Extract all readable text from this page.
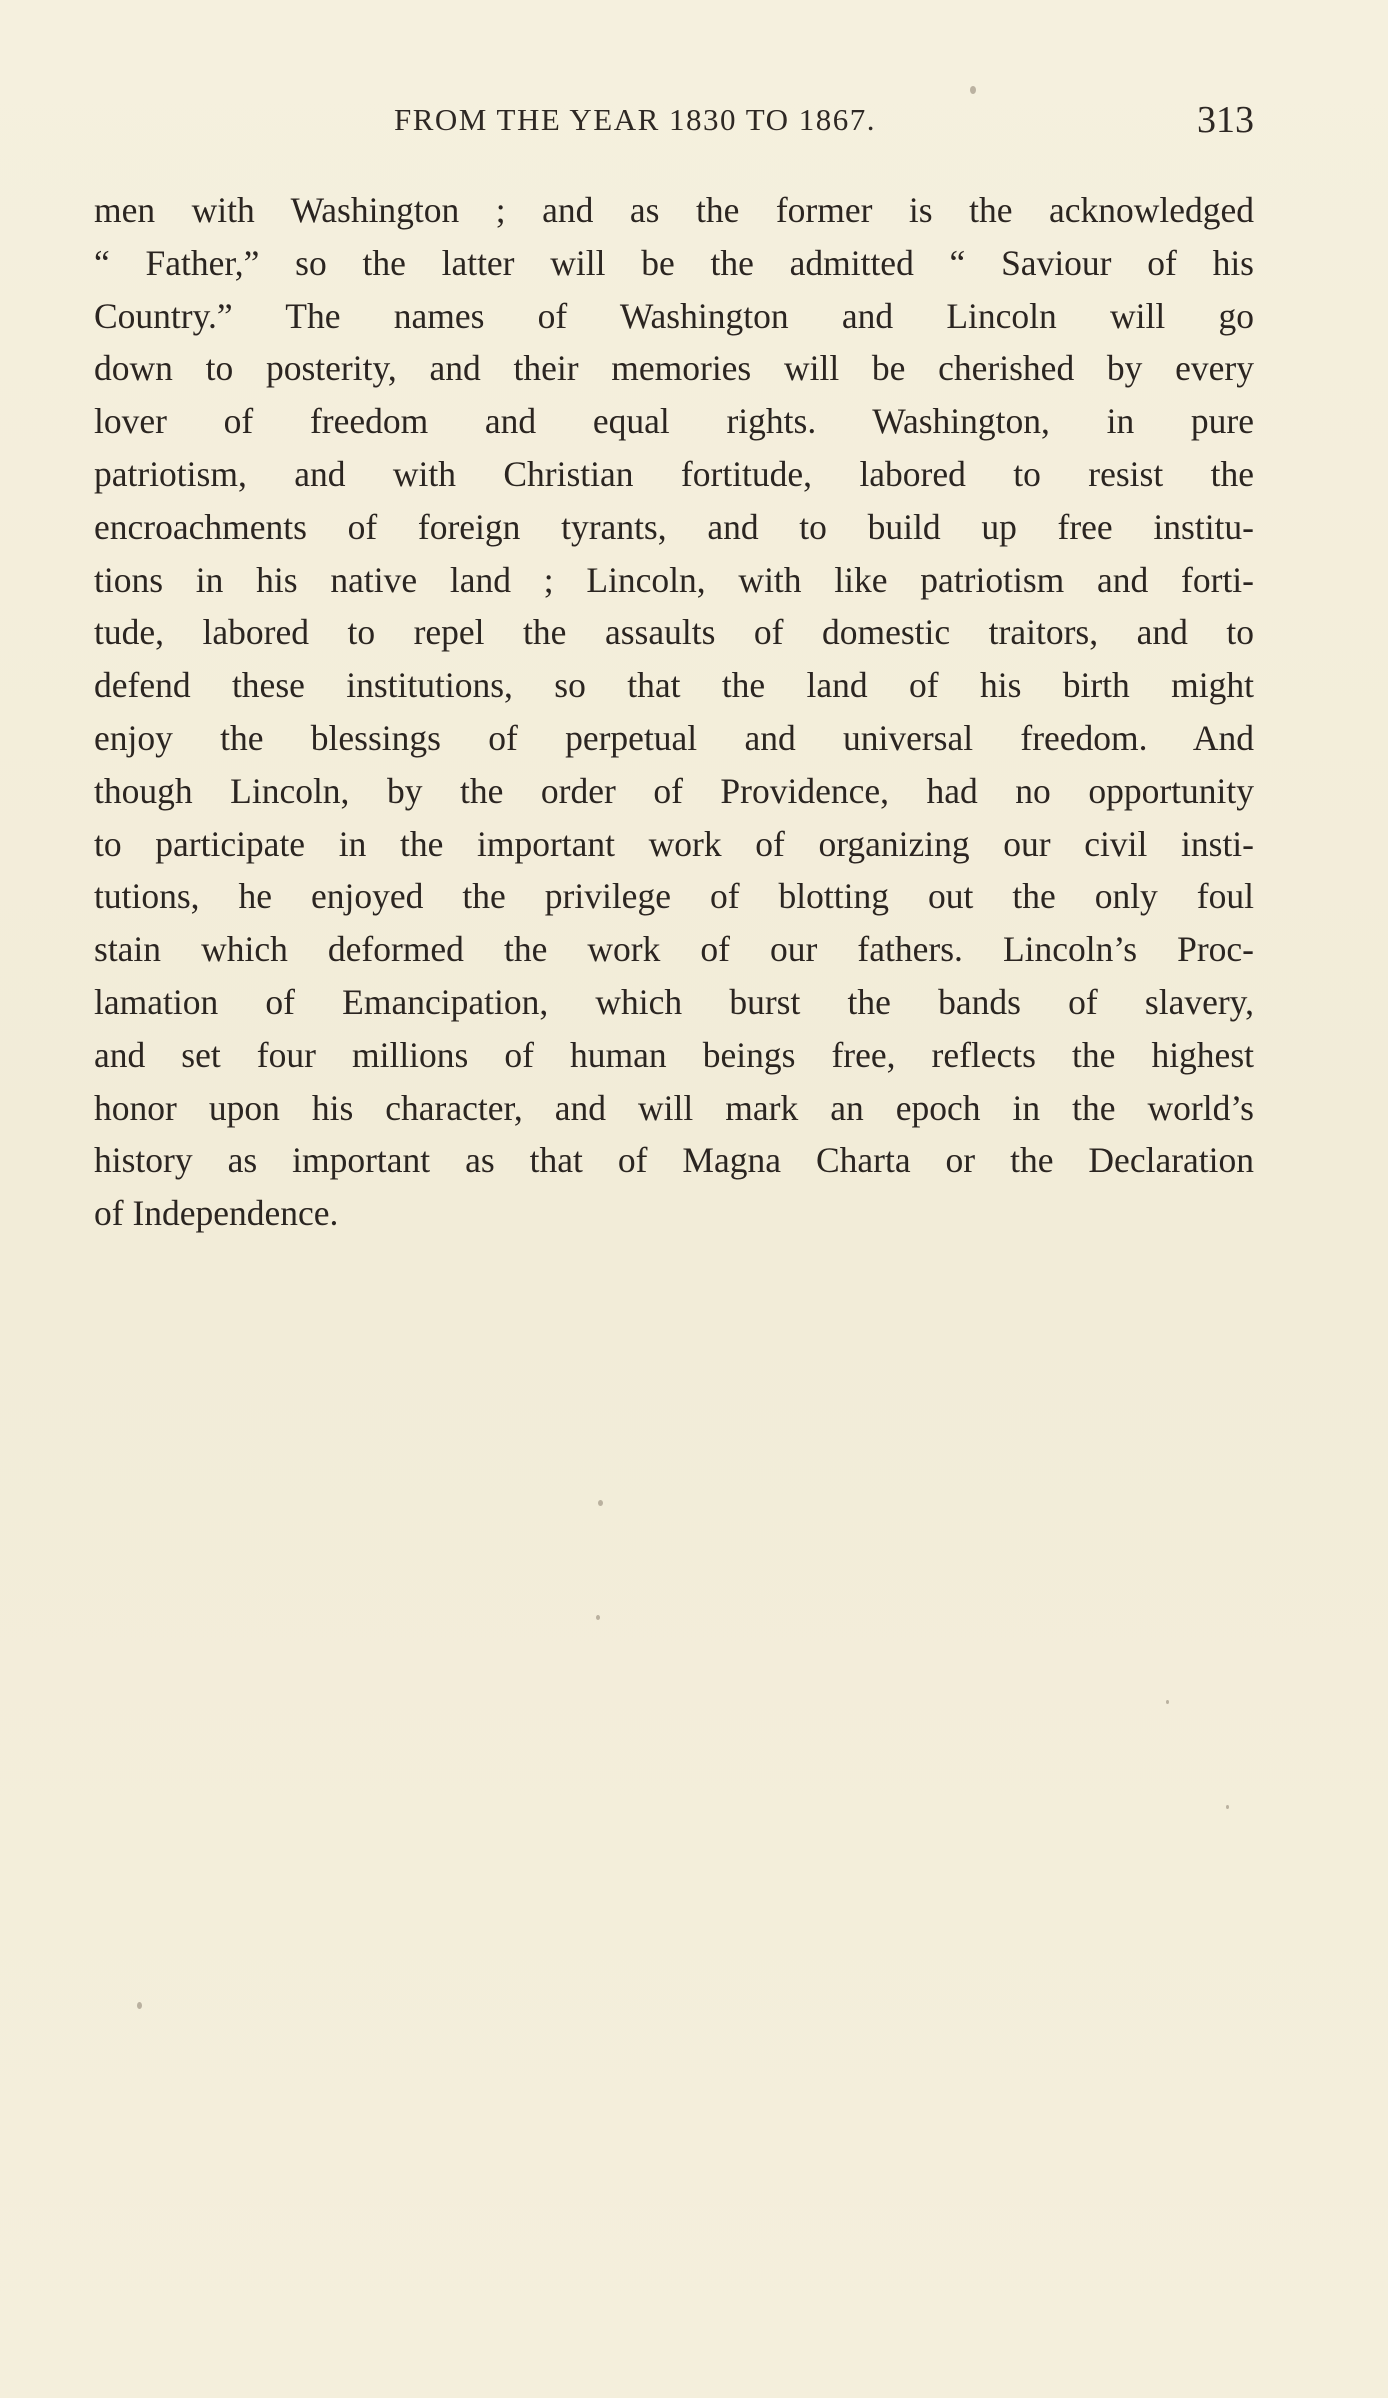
FROM THE YEAR 1830 TO 1867.	313
men with Washington ; and as the former is the acknowledged
“ Father,” so the latter will be the admitted “ Saviour of his
Country.” The names of Washington and Lincoln will go
down to posterity, and their memories will be cherished by every
lover of freedom and equal rights. Washington, in pure
patriotism, and with Christian fortitude, labored to resist the
encroachments of foreign tyrants, and to build up free institu-
tions in his native land ; Lincoln, with like patriotism and forti-
tude, labored to repel the assaults of domestic traitors, and to
defend these institutions, so that the land of his birth might
enjoy the blessings of perpetual and universal freedom. And
though Lincoln, by the order of Providence, had no opportunity
to participate in the important work of organizing our civil insti-
tutions, he enjoyed the privilege of blotting out the only foul
stain which deformed the work of our fathers. Lincoln’s Proc-
lamation of Emancipation, which burst the bands of slavery,
and set four millions of human beings free, reflects the highest
honor upon his character, and will mark an epoch in the world’s
history as important as that of Magna Charta or the Declaration
of Independence.
